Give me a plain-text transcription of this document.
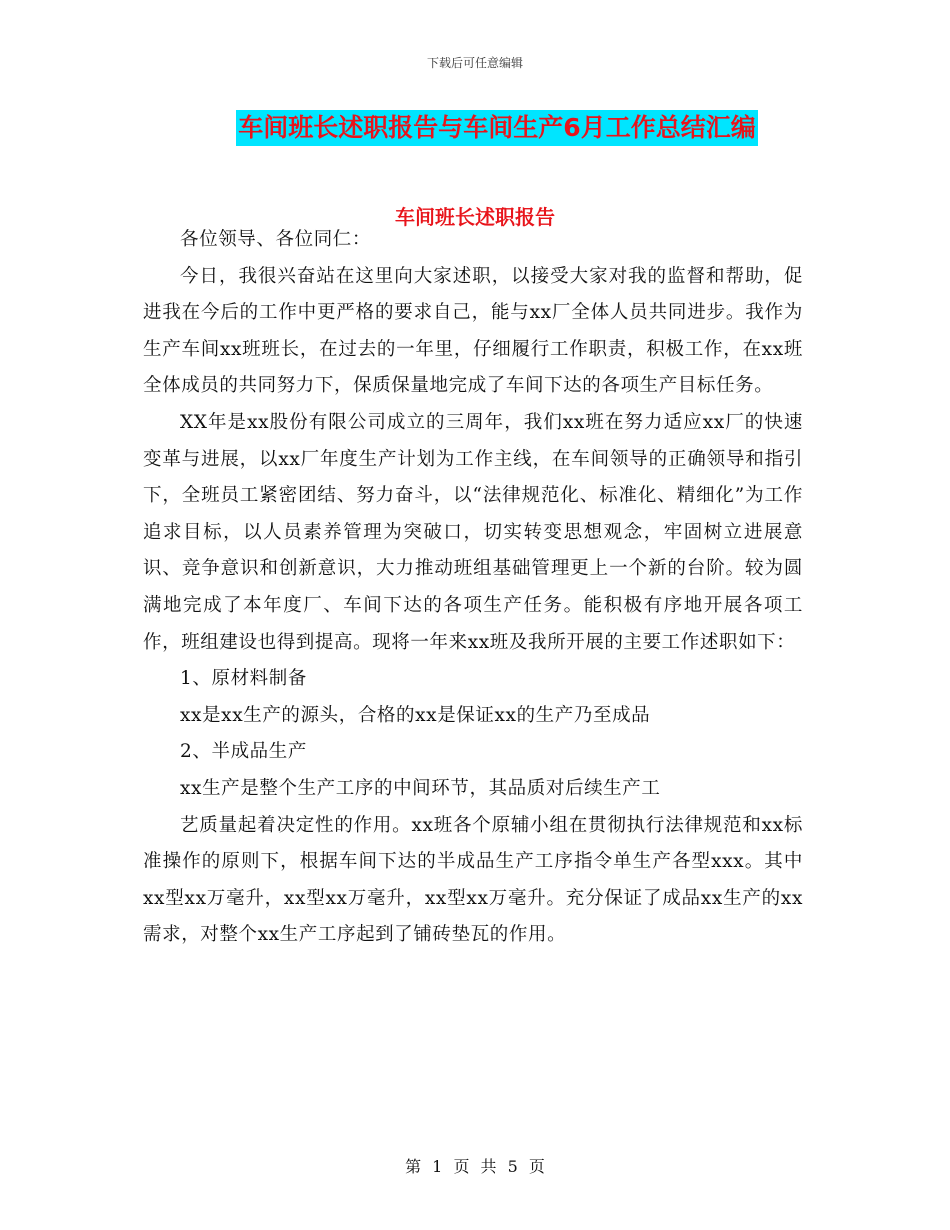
下载后可任意编辑
车间班长述职报告与车间生产6月工作总结汇编
车间班长述职报告

各位领导、各位同仁：

今日，我很兴奋站在这里向大家述职，以接受大家对我的监督和帮助，促进我在今后的工作中更严格的要求自己，能与xx厂全体人员共同进步。我作为生产车间xx班班长，在过去的一年里，仔细履行工作职责，积极工作，在xx班全体成员的共同努力下，保质保量地完成了车间下达的各项生产目标任务。

XX年是xx股份有限公司成立的三周年，我们xx班在努力适应xx厂的快速变革与进展，以xx厂年度生产计划为工作主线，在车间领导的正确领导和指引下，全班员工紧密团结、努力奋斗，以“法律规范化、标准化、精细化”为工作追求目标，以人员素养管理为突破口，切实转变思想观念，牢固树立进展意识、竞争意识和创新意识，大力推动班组基础管理更上一个新的台阶。较为圆满地完成了本年度厂、车间下达的各项生产任务。能积极有序地开展各项工作，班组建设也得到提高。现将一年来xx班及我所开展的主要工作述职如下：

1、原材料制备

xx是xx生产的源头，合格的xx是保证xx的生产乃至成品

2、半成品生产

xx生产是整个生产工序的中间环节，其品质对后续生产工

艺质量起着决定性的作用。xx班各个原辅小组在贯彻执行法律规范和xx标准操作的原则下，根据车间下达的半成品生产工序指令单生产各型xxx。其中xx型xx万毫升，xx型xx万毫升，xx型xx万毫升。充分保证了成品xx生产的xx需求，对整个xx生产工序起到了铺砖垫瓦的作用。

第 1 页 共 5 页
